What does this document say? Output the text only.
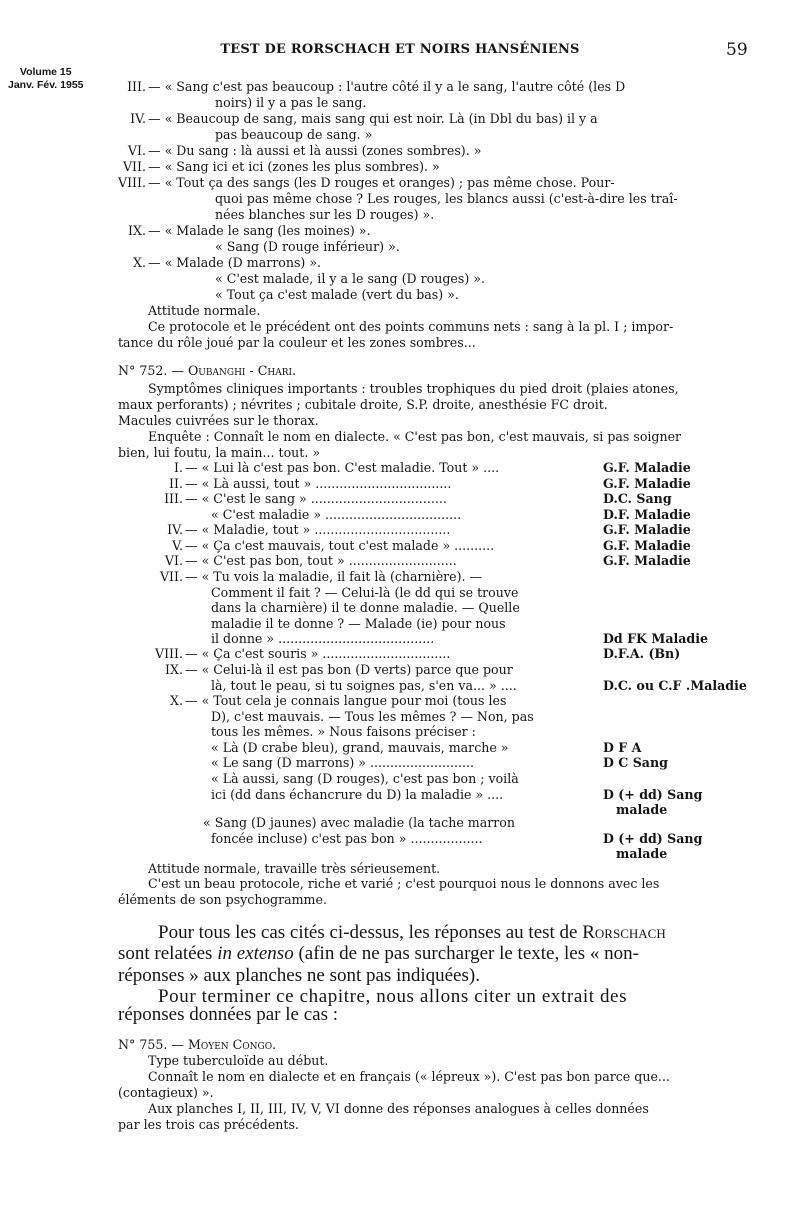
Volume 15
Janv. Fév. 1955
TEST DE RORSCHACH ET NOIRS HANSÉNIENS	59
III. — « Sang c'est pas beaucoup : l'autre côté il y a le sang, l'autre côté (les D
noirs) il y a pas le sang.
IV. — « Beaucoup de sang, mais sang qui est noir. Là (in Dbl du bas) il y a
pas beaucoup de sang. »
VI. — « Du sang : là aussi et là aussi (zones sombres). »
VII. — « Sang ici et ici (zones les plus sombres). »
VIII. — « Tout ça des sangs (les D rouges et oranges) ; pas même chose. Pour-
quoi pas même chose ? Les rouges, les blancs aussi (c'est-à-dire les traî-
nées blanches sur les D rouges) ».
IX. — « Malade le sang (les moines) ».
« Sang (D rouge inférieur) ».
X. — « Malade (D marrons) ».
« C'est malade, il y a le sang (D rouges) ».
« Tout ça c'est malade (vert du bas) ».
Attitude normale.
Ce protocole et le précédent ont des points communs nets : sang à la pl. I ; impor-
tance du rôle joué par la couleur et les zones sombres...
N° 752. — Oubanghi - Chari.
Symptômes cliniques importants : troubles trophiques du pied droit (plaies atones,
maux perforants) ; névrites ; cubitale droite, S.P. droite, anesthésie FC droit.
Macules cuivrées sur le thorax.
Enquête : Connaît le nom en dialecte. « C'est pas bon, c'est mauvais, si pas soigner
bien, lui foutu, la main... tout. »
I. — « Lui là c'est pas bon. C'est maladie. Tout » ....	G.F. Maladie
II. — « Là aussi, tout » ..................................	G.F. Maladie
III. — « C'est le sang » ..................................	D.C. Sang
« C'est maladie » ..................................	D.F. Maladie
IV. — « Maladie, tout » ..................................	G.F. Maladie
V. — « Ça c'est mauvais, tout c'est malade » ..........	G.F. Maladie
VI. — « C'est pas bon, tout » ...........................	G.F. Maladie
VII. — « Tu vois la maladie, il fait là (charnière). —
Comment il fait ? — Celui-là (le dd qui se trouve
dans la charnière) il te donne maladie. — Quelle
maladie il te donne ? — Malade (ie) pour nous
il donne » .......................................	Dd FK Maladie
VIII. — « Ça c'est souris » ................................	D.F.A. (Bn)
IX. — « Celui-là il est pas bon (D verts) parce que pour
là, tout le peau, si tu soignes pas, s'en va... » ....	D.C. ou C.F .Maladie
X. — « Tout cela je connais langue pour moi (tous les
D), c'est mauvais. — Tous les mêmes ? — Non, pas
tous les mêmes. » Nous faisons préciser :
« Là (D crabe bleu), grand, mauvais, marche »	D F A
« Le sang (D marrons) » ..........................	D C Sang
« Là aussi, sang (D rouges), c'est pas bon ; voilà
ici (dd dans échancrure du D) la maladie » ....	D (+ dd) Sang
malade
« Sang (D jaunes) avec maladie (la tache marron
foncée incluse) c'est pas bon » ..................	D (+ dd) Sang
malade
Attitude normale, travaille très sérieusement.
C'est un beau protocole, riche et varié ; c'est pourquoi nous le donnons avec les
éléments de son psychogramme.
Pour tous les cas cités ci-dessus, les réponses au test de Rorschach
sont relatées in extenso (afin de ne pas surcharger le texte, les « non-
réponses » aux planches ne sont pas indiquées).
Pour terminer ce chapitre, nous allons citer un extrait des
réponses données par le cas :
N° 755. — Moyen Congo.
Type tuberculoïde au début.
Connaît le nom en dialecte et en français (« lépreux »). C'est pas bon parce que...
(contagieux) ».
Aux planches I, II, III, IV, V, VI donne des réponses analogues à celles données
par les trois cas précédents.
